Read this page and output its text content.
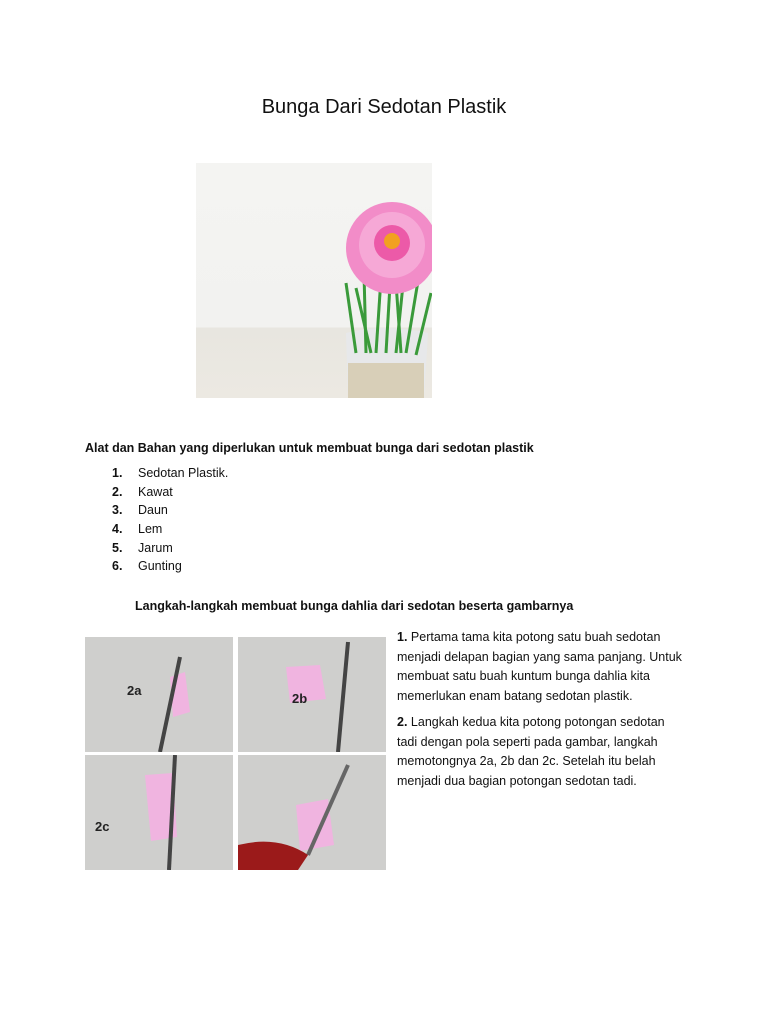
Bunga Dari Sedotan Plastik
Alat dan Bahan yang diperlukan untuk membuat bunga dari sedotan plastik
1.	Sedotan Plastik.
2.	Kawat
3.	Daun
4.	Lem
5.	Jarum
6.	Gunting
Langkah-langkah membuat bunga dahlia dari sedotan beserta gambarnya
2a
2b
2c
1. Pertama tama kita potong satu buah sedotan menjadi delapan bagian yang sama panjang. Untuk membuat satu buah kuntum bunga dahlia kita memerlukan enam batang sedotan plastik.
2. Langkah kedua kita potong potongan sedotan tadi dengan pola seperti pada gambar, langkah memotongnya 2a, 2b dan 2c. Setelah itu belah menjadi dua bagian potongan sedotan tadi.
